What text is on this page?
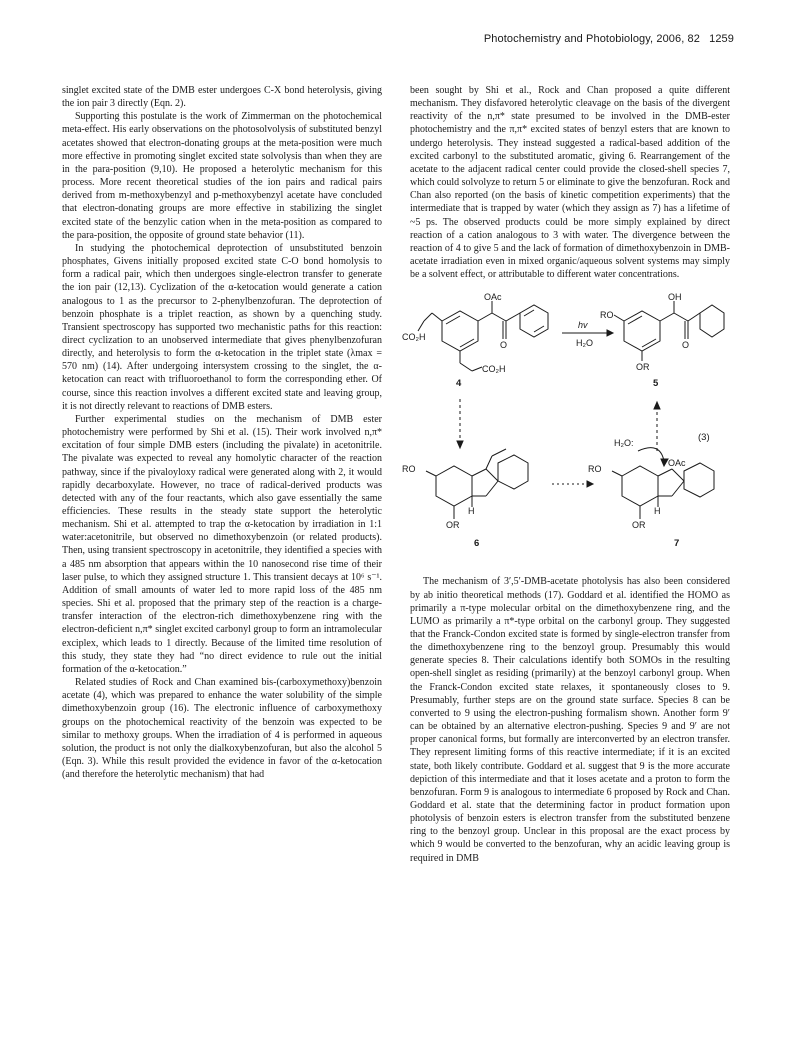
Photochemistry and Photobiology, 2006, 82 1259

singlet excited state of the DMB ester undergoes C-X bond heterolysis, giving the ion pair 3 directly (Eqn. 2).

Supporting this postulate is the work of Zimmerman on the photochemical meta-effect. His early observations on the photosolvolysis of substituted benzyl acetates showed that electron-donating groups at the meta-position were much more effective in promoting singlet excited state solvolysis than when they are in the para-position (9,10). He proposed a heterolytic mechanism for this process. More recent theoretical studies of the ion pairs and radical pairs derived from m-methoxybenzyl and p-methoxybenzyl acetate have concluded that electron-donating groups are more effective in stabilizing the singlet excited state of the benzylic cation when in the meta-position as compared to the para-position, the opposite of ground state behavior (11).

In studying the photochemical deprotection of unsubstituted benzoin phosphates, Givens initially proposed excited state C-O bond homolysis to form a radical pair, which then undergoes single-electron transfer to generate the ion pair (12,13). Cyclization of the α-ketocation would generate a cation analogous to 1 as the precursor to 2-phenylbenzofuran. The deprotection of benzoin phosphate is a triplet reaction, as shown by a quenching study. Transient spectroscopy has supported two mechanistic paths for this reaction: direct cyclization to an unobserved intermediate that gives phenylbenzofuran directly, and heterolysis to form the α-ketocation in the triplet state (λmax = 570 nm) (14). After undergoing intersystem crossing to the singlet, the α-ketocation can react with trifluoroethanol to form the corresponding ether. Of course, since this reaction involves a different excited state and leaving group, it is not directly relevant to reactions of DMB esters.

Further experimental studies on the mechanism of DMB ester photochemistry were performed by Shi et al. (15). Their work involved n,π* excitation of four simple DMB esters (including the pivalate) in acetonitrile. The pivalate was expected to reveal any homolytic character of the reaction pathway, since if the pivaloyloxy radical were generated along with 2, it would rapidly decarboxylate. However, no trace of radical-derived products was detected with any of the four reactants, which also gave essentially the same efficiencies. These results in the steady state support the heterolytic mechanism. Shi et al. attempted to trap the α-ketocation by irradiation in 1:1 water:acetonitrile, but observed no dimethoxybenzoin (or related products). Then, using transient spectroscopy in acetonitrile, they identified a species with a 485 nm absorption that appears within the 10 nanosecond rise time of their laser pulse, to which they assigned structure 1. This transient decays at 10⁶ s⁻¹. Addition of small amounts of water led to more rapid loss of the 485 nm species. Shi et al. proposed that the primary step of the reaction is a charge-transfer interaction of the electron-rich dimethoxybenzene ring with the electron-deficient n,π* singlet excited carbonyl group to form an intramolecular exciplex, which leads to 1 directly. Because of the limited time resolution of this study, they state they had “no direct evidence to rule out the initial formation of the α-ketocation.”

Related studies of Rock and Chan examined bis-(carboxymethoxy)benzoin acetate (4), which was prepared to enhance the water solubility of the simple dimethoxybenzoin group (16). The electronic influence of carboxymethoxy groups on the photochemical reactivity of the benzoin was expected to be similar to methoxy groups. When the irradiation of 4 is performed in aqueous solution, the product is not only the dialkoxybenzofuran, but also the alcohol 5 (Eqn. 3). While this result provided the evidence in favor of the α-ketocation (and therefore the heterolytic mechanism) that had

been sought by Shi et al., Rock and Chan proposed a quite different mechanism. They disfavored heterolytic cleavage on the basis of the divergent reactivity of the n,π* state presumed to be involved in the DMB-ester photochemistry and the π,π* excited states of benzyl esters that are known to undergo heterolysis. They instead suggested a radical-based addition of the excited carbonyl to the substituted aromatic, giving 6. Rearrangement of the acetate to the adjacent radical center could provide the closed-shell species 7, which could solvolyze to return 5 or eliminate to give the benzofuran. Rock and Chan also reported (on the basis of kinetic competition experiments) that the intermediate that is trapped by water (which they assign as 7) has a lifetime of ~5 ps. The observed products could be more simply explained by direct reaction of a cation analogous to 3 with water. The divergence between the reaction of 4 to give 5 and the lack of formation of dimethoxybenzoin in DMB-acetate irradiation even in mixed organic/aqueous solvent systems may simply be a solvent effect, or attributable to different water concentrations.

OAc	OH
CO₂H
CO₂H
O	O
RO
OR
hv
H₂O
4	5
(3)
RO
H
OR
6
H₂O:
RO
OAc
H
OR
7

The mechanism of 3′,5′-DMB-acetate photolysis has also been considered by ab initio theoretical methods (17). Goddard et al. identified the HOMO as primarily a π-type molecular orbital on the dimethoxybenzene ring, and the LUMO as primarily a π*-type orbital on the carbonyl group. They suggested that the Franck-Condon excited state is formed by single-electron transfer from the dimethoxybenzene ring to the benzoyl group. Presumably this would generate species 8. Their calculations identify both SOMOs in the resulting open-shell singlet as residing (primarily) at the benzoyl carbonyl group. When the Franck-Condon excited state relaxes, it spontaneously closes to 9. Presumably, further steps are on the ground state surface. Species 8 can be converted to 9 using the electron-pushing formalism shown. Another form 9′ can be obtained by an alternative electron-pushing. Species 9 and 9′ are not proper canonical forms, but formally are interconverted by an electron transfer. They represent limiting forms of this reactive intermediate; if it is an excited state, both likely contribute. Goddard et al. suggest that 9 is the more accurate depiction of this intermediate and that it loses acetate and a proton to form the benzofuran. Form 9 is analogous to intermediate 6 proposed by Rock and Chan. Goddard et al. state that the determining factor in product formation upon photolysis of benzoin esters is electron transfer from the substituted benzene ring to the benzoyl group. Unclear in this proposal are the exact process by which 9 would be converted to the benzofuran, why an acidic leaving group is required in DMB
